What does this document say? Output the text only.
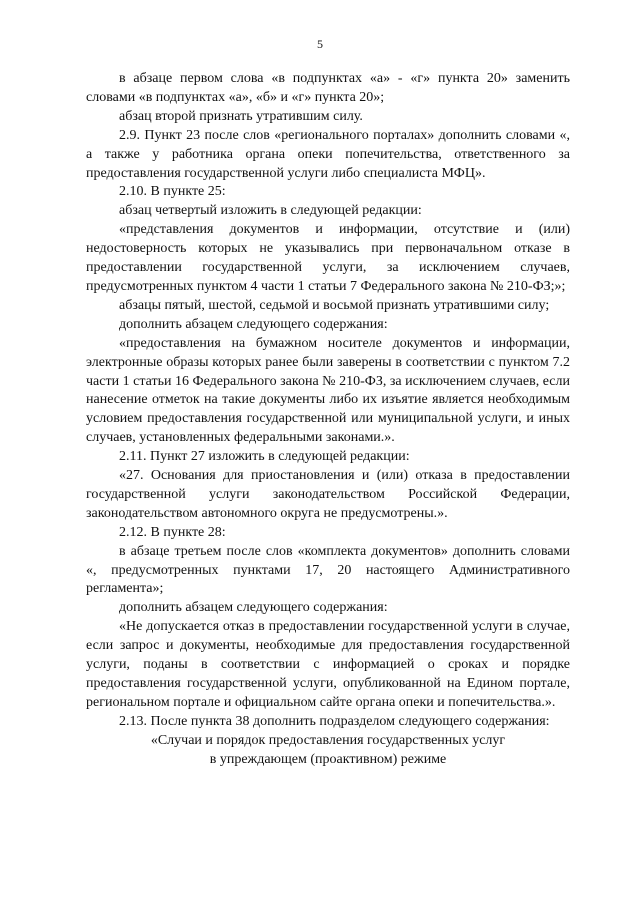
5

в абзаце первом слова «в подпунктах «а» - «г» пункта 20» заменить словами «в подпунктах «а», «б» и «г» пункта 20»;

абзац второй признать утратившим силу.

2.9. Пункт 23 после слов «регионального порталах» дополнить словами «, а также у работника органа опеки попечительства, ответственного за предоставления государственной услуги либо специалиста МФЦ».

2.10. В пункте 25:

абзац четвертый изложить в следующей редакции:

«представления документов и информации, отсутствие и (или) недостоверность которых не указывались при первоначальном отказе в предоставлении государственной услуги, за исключением случаев, предусмотренных пунктом 4 части 1 статьи 7 Федерального закона № 210-ФЗ;»;

абзацы пятый, шестой, седьмой и восьмой признать утратившими силу;

дополнить абзацем следующего содержания:

«предоставления на бумажном носителе документов и информации, электронные образы которых ранее были заверены в соответствии с пунктом 7.2 части 1 статьи 16 Федерального закона № 210-ФЗ, за исключением случаев, если нанесение отметок на такие документы либо их изъятие является необходимым условием предоставления государственной или муниципальной услуги, и иных случаев, установленных федеральными законами.».

2.11. Пункт 27 изложить в следующей редакции:

«27. Основания для приостановления и (или) отказа в предоставлении государственной услуги законодательством Российской Федерации, законодательством автономного округа не предусмотрены.».

2.12. В пункте 28:

в абзаце третьем после слов «комплекта документов» дополнить словами «, предусмотренных пунктами 17, 20 настоящего Административного регламента»;

дополнить абзацем следующего содержания:

«Не допускается отказ в предоставлении государственной услуги в случае, если запрос и документы, необходимые для предоставления государственной услуги, поданы в соответствии с информацией о сроках и порядке предоставления государственной услуги, опубликованной на Едином портале, региональном портале и официальном сайте органа опеки и попечительства.».

2.13. После пункта 38 дополнить подразделом следующего содержания:

«Случаи и порядок предоставления государственных услуг

в упреждающем (проактивном) режиме
